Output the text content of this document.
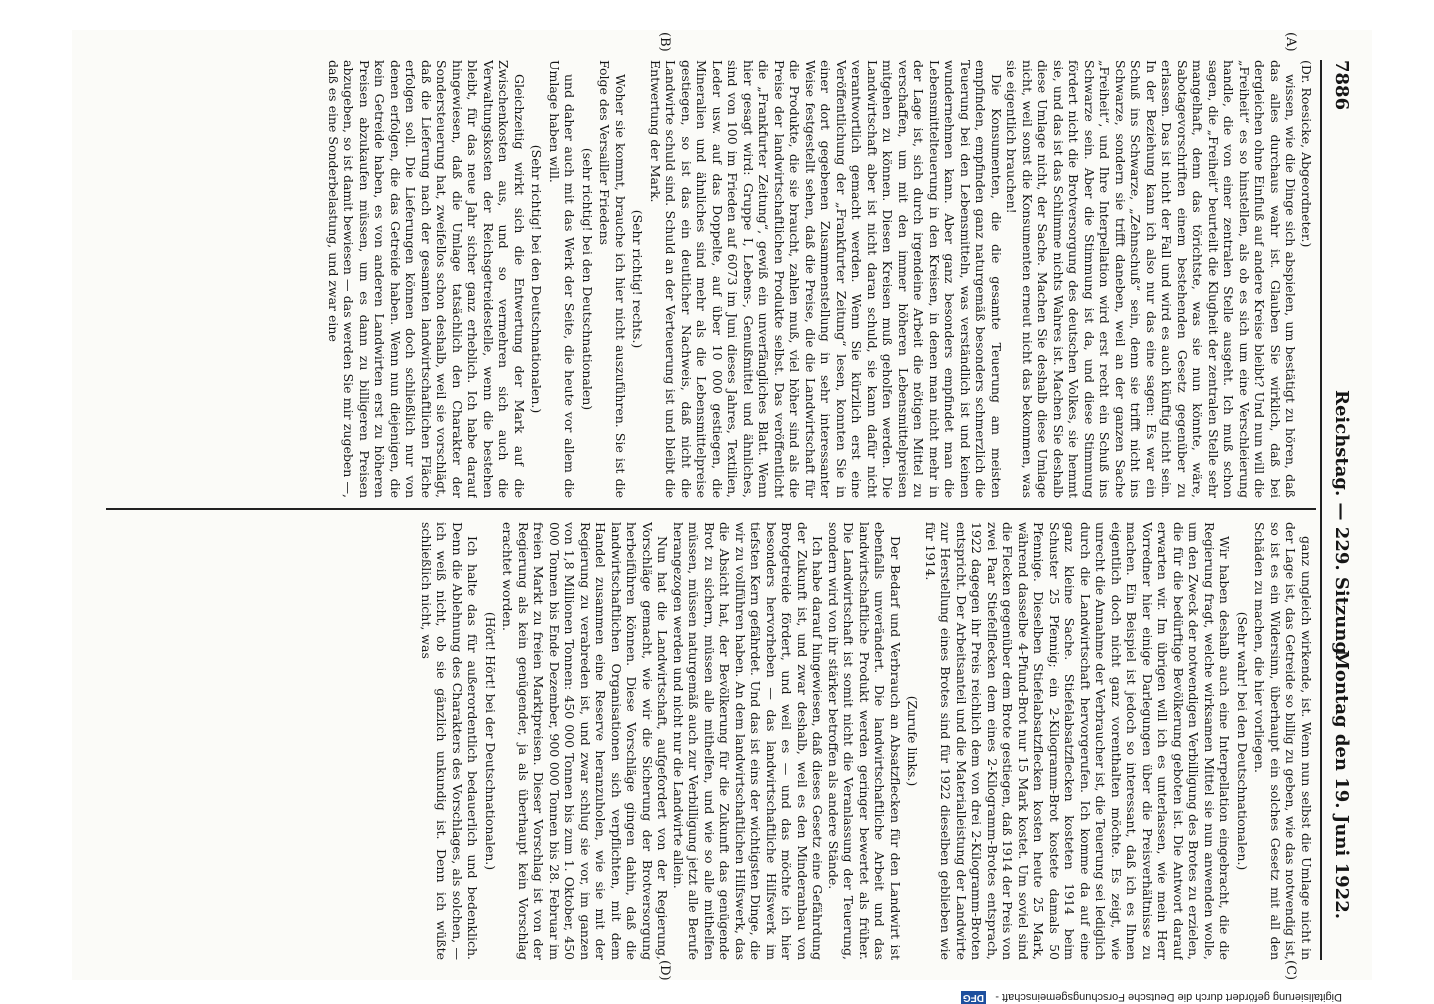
7886
Reichstag. — 229. Sitzung.
Montag den 19. Juni 1922.
(A)
(B)
(C)
(D)

(Dr. Roesicke, Abgeordneter.)

wissen, wie die Dinge sich abspielen, um bestätigt zu hören, daß das alles durchaus wahr ist. Glauben Sie wirklich, daß bei dergleichen ohne Einfluß auf andere Kreise bleibt? Und nun will die „Freiheit“ es so hinstellen, als ob es sich um eine Verschleierung handle, die von einer zentralen Stelle ausgeht. Ich muß schon sagen, die „Freiheit“ beurteilt die Klugheit der zentralen Stelle sehr mangelhaft, denn das törichtste, was sie nun könnte, wäre, Sabotagevorschriften einem bestehenden Gesetz gegenüber zu erlassen. Das ist nicht der Fall und wird es auch künftig nicht sein. In der Beziehung kann ich also nur das eine sagen: Es war ein Schuß ins Schwarze, „Zehnschuß“ sein, denn sie trifft nicht ins Schwarze, sondern sie trifft daneben, weil an der ganzen Sache „Freiheit“, und Ihre Interpellation wird erst recht ein Schuß ins Schwarze sein. Aber die Stimmung ist da, und diese Stimmung fördert nicht die Brotversorgung des deutschen Volkes, sie hemmt sie, und das ist das Schlimme nichts Wahres ist. Machen Sie deshalb diese Umlage nicht, der Sache. Machen Sie deshalb diese Umlage nicht, weil sonst die Konsumenten erneut nicht das bekommen, was sie eigentlich brauchen!

Die Konsumenten, die die gesamte Teuerung am meisten empfinden, empfinden ganz naturgemäß besonders schmerzlich die Teuerung bei den Lebensmitteln, was verständlich ist und keinen wundernehmen kann. Aber ganz besonders empfindet man die Lebensmittelteuerung in den Kreisen, in denen man nicht mehr in der Lage ist, sich durch irgendeine Arbeit die nötigen Mittel zu verschaffen, um mit den immer höheren Lebensmittelpreisen mitgehen zu können. Diesen Kreisen muß geholfen werden. Die Landwirtschaft aber ist nicht daran schuld, sie kann dafür nicht verantwortlich gemacht werden. Wenn Sie kürzlich erst eine Veröffentlichung der „Frankfurter Zeitung“ lesen, konnten Sie in einer dort gegebenen Zusammenstellung in sehr interessanter Weise festgestellt sehen, daß die Preise, die die Landwirtschaft für die Produkte, die sie braucht, zahlen muß, viel höher sind als die Preise der landwirtschaftlichen Produkte selbst. Das veröffentlicht die „Frankfurter Zeitung“, gewiß ein unverfängliches Blatt. Wenn hier gesagt wird: Gruppe I, Lebens-, Genußmittel und ähnliches, sind von 100 im Frieden auf 6073 im Juni dieses Jahres, Textilien, Leder usw. auf das Doppelte, auf über 10 000 gestiegen, die Mineralien und ähnliches sind mehr als die Lebensmittelpreise gestiegen, so ist das ein deutlicher Nachweis, daß nicht die Landwirte schuld sind. Schuld an der Verteuerung ist und bleibt die Entwertung der Mark.

(Sehr richtig! rechts.)

Woher sie kommt, brauche ich hier nicht auszuführen. Sie ist die Folge des Versailler Friedens

(sehr richtig! bei den Deutschnationalen)

und daher auch mit das Werk der Seite, die heute vor allem die Umlage haben will.

(Sehr richtig! bei den Deutschnationalen.)

Gleichzeitig wirkt sich die Entwertung der Mark auf die Zwischenkosten aus, und so vermehren sich auch die Verwaltungskosten der Reichsgetreidestelle, wenn die bestehen bleibt, für das neue Jahr sicher ganz erheblich. Ich habe darauf hingewiesen, daß die Umlage tatsächlich den Charakter der Sondersteuerung hat, zweifellos schon deshalb, weil sie vorschlägt, daß die Lieferung nach der gesamten landwirtschaftlichen Fläche erfolgen soll. Die Lieferungen können doch schließlich nur von denen erfolgen, die das Getreide haben. Wenn nun diejenigen, die kein Getreide haben, es von anderen Landwirten erst zu höheren Preisen abzukaufen müssen, um es dann zu billigeren Preisen abzugeben, so ist damit bewiesen — das werden Sie mir zugeben —, daß es eine Sonderbelastung, und zwar eine

ganz ungleich wirkende, ist. Wenn nun selbst die Umlage nicht in der Lage ist, das Getreide so billig zu geben, wie das notwendig ist, so ist es ein Widersinn, überhaupt ein solches Gesetz mit all den Schäden zu machen, die hier vorliegen.

(Sehr wahr! bei den Deutschnationalen.)

Wir haben deshalb auch eine Interpellation eingebracht, die die Regierung fragt, welche wirksamen Mittel sie nun anwenden wolle, um den Zweck der notwendigen Verbilligung des Brotes zu erzielen, die für die bedürftige Bevölkerung geboten ist. Die Antwort darauf erwarten wir. Im übrigen will ich es unterlassen, wie mein Herr Vorredner hier einige Darlegungen über die Preisverhältnisse zu machen. Ein Beispiel ist jedoch so interessant, daß ich es Ihnen eigentlich doch nicht ganz vorenthalten möchte. Es zeigt, wie unrecht die Annahme der Verbraucher ist, die Teuerung sei lediglich durch die Landwirtschaft hervorgerufen. Ich komme da auf eine ganz kleine Sache. Stiefelabsatzflecken kosteten 1914 beim Schuster 25 Pfennig; ein 2-Kilogramm-Brot kostete damals 50 Pfennige. Dieselben Stiefelabsatzflecken kosten heute 25 Mark, während dasselbe 4-Pfund-Brot nur 15 Mark kostet. Um soviel sind die Flecken gegenüber dem Brote gestiegen, daß 1914 der Preis von zwei Paar Stiefelflecken dem eines 2-Kilogramm-Brotes entsprach, 1922 dagegen ihr Preis reichlich dem von drei 2-Kilogramm-Broten entspricht. Der Arbeitsanteil und die Materialleistung der Landwirte zur Herstellung eines Brotes sind für 1922 dieselben geblieben wie für 1914.

(Zurufe links.)

Der Bedarf und Verbrauch an Absatzflecken für den Landwirt ist ebenfalls unverändert. Die landwirtschaftliche Arbeit und das landwirtschaftliche Produkt werden geringer bewertet als früher. Die Landwirtschaft ist somit nicht die Veranlassung der Teuerung, sondern wird von ihr stärker betroffen als andere Stände.

Ich habe darauf hingewiesen, daß dieses Gesetz eine Gefährdung der Zukunft ist, und zwar deshalb, weil es den Minderanbau von Brotgetreide fördert, und weil es — und das möchte ich hier besonders hervorheben — das landwirtschaftliche Hilfswerk im tiefsten Kern gefährdet. Und das ist eins der wichtigsten Dinge, die wir zu vollführen haben. An dem landwirtschaftlichen Hilfswerk, das die Absicht hat, der Bevölkerung für die Zukunft das genügende Brot zu sichern, müssen alle mithelfen, und wie so alle mithelfen müssen, müssen naturgemäß auch zur Verbilligung jetzt alle Berufe herangezogen werden und nicht nur die Landwirte allein.

Nun hat die Landwirtschaft, aufgefordert von der Regierung, Vorschläge gemacht, wie wir die Sicherung der Brotversorgung herbeiführen können. Diese Vorschläge gingen dahin, daß die landwirtschaftlichen Organisationen sich verpflichten, mit dem Handel zusammen eine Reserve heranzuholen, wie sie mit der Regierung zu verabreden ist, und zwar schlug sie vor, im ganzen von 1,8 Millionen Tonnen: 450 000 Tonnen bis zum 1. Oktober, 450 000 Tonnen bis Ende Dezember, 900 000 Tonnen bis 28. Februar im freien Markt zu freien Marktpreisen. Dieser Vorschlag ist von der Regierung als kein genügender, ja als überhaupt kein Vorschlag erachtet worden.

(Hört! Hört! bei der Deutschnationalen.)

Ich halte das für außerordentlich bedauerlich und bedenklich. Denn die Ablehnung des Charakters des Vorschlages, als solchen, — ich weiß nicht, ob sie gänzlich unkundig ist. Denn ich wüßte schließlich nicht, was

Digitalisierung gefördert durch die Deutsche Forschungsgemeinschaft - DFG
